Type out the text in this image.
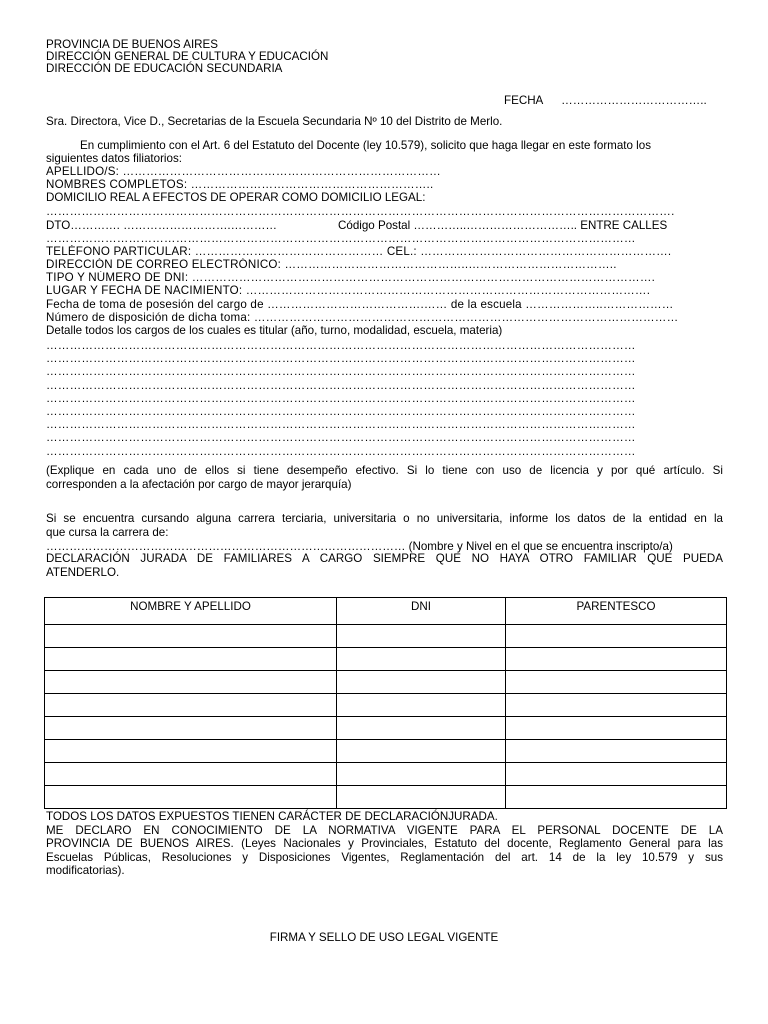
PROVINCIA DE BUENOS AIRES
DIRECCIÓN GENERAL DE CULTURA Y EDUCACIÓN
DIRECCIÓN DE EDUCACIÓN SECUNDARIA
FECHA ………………………………..
Sra. Directora, Vice D., Secretarias de la Escuela Secundaria Nº 10 del Distrito de Merlo.
En cumplimiento con el Art. 6 del Estatuto del Docente (ley 10.579), solicito que haga llegar en este formato los
siguientes datos filiatorios:
APELLIDO/S: ………………………………………………………………………
NOMBRES COMPLETOS: ……………………………………………………..
DOMICILIO REAL A EFECTOS DE OPERAR COMO DOMICILIO LEGAL:
…………………………………………………………………………………………………………………………………………….
DTO…………. ……………………….…………	Código Postal …………..……………………….. ENTRE CALLES
……………………………………………………………………………………………………………………………………
TELÉFONO PARTICULAR: ………………………………………… CEL.: ……………………………………………………….
DIRECCIÓN DE CORREO ELECTRÓNICO: ………………………………………..………………………………..
TIPO Y NÚMERO DE DNI: ……………………………………………………………………………………………………….
LUGAR Y FECHA DE NACIMIENTO: ………………………………………………………………………………………….
Fecha de toma de posesión del cargo de ………………………………….…… de la escuela ………………..………………
Número de disposición de dicha toma: ………………………………………………………………………………………………
Detalle todos los cargos de los cuales es titular (año, turno, modalidad, escuela, materia)
……………………………………………………………………………………………………………………………………
……………………………………………………………………………………………………………………………………
……………………………………………………………………………………………………………………………………
……………………………………………………………………………………………………………………………………
……………………………………………………………………………………………………………………………………
……………………………………………………………………………………………………………………………………
……………………………………………………………………………………………………………………………………
……………………………………………………………………………………………………………………………………
……………………………………………………………………………………………………………………………………
(Explique en cada uno de ellos si tiene desempeño efectivo. Si lo tiene con uso de licencia y por qué artículo. Si
corresponden a la afectación por cargo de mayor jerarquía)
Si se encuentra cursando alguna carrera terciaria, universitaria o no universitaria, informe los datos de la entidad en la
que cursa la carrera de:
………………………………………………………………………………… (Nombre y Nivel en el que se encuentra inscripto/a)
DECLARACIÓN JURADA DE FAMILIARES A CARGO SIEMPRE QUE NO HAYA OTRO FAMILIAR QUE PUEDA
ATENDERLO.
NOMBRE Y APELLIDO	DNI	PARENTESCO

TODOS LOS DATOS EXPUESTOS TIENEN CARÁCTER DE DECLARACIÓNJURADA.
ME DECLARO EN CONOCIMIENTO DE LA NORMATIVA VIGENTE PARA EL PERSONAL DOCENTE DE LA
PROVINCIA DE BUENOS AIRES. (Leyes Nacionales y Provinciales, Estatuto del docente, Reglamento General para las
Escuelas Públicas, Resoluciones y Disposiciones Vigentes, Reglamentación del art. 14 de la ley 10.579 y sus
modificatorias).
FIRMA Y SELLO DE USO LEGAL VIGENTE
